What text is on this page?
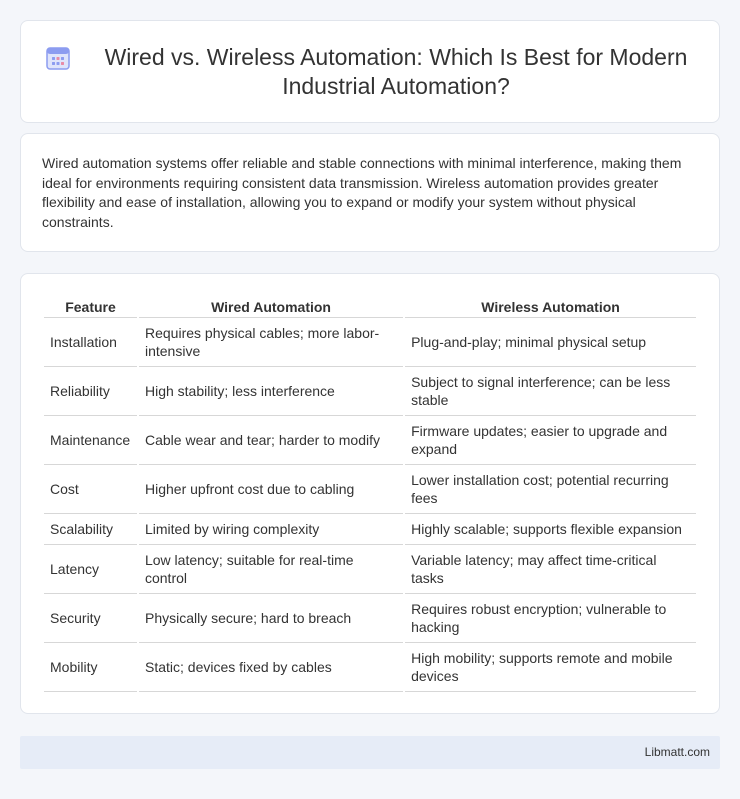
Wired vs. Wireless Automation: Which Is Best for Modern Industrial Automation?

Wired automation systems offer reliable and stable connections with minimal interference, making them ideal for environments requiring consistent data transmission. Wireless automation provides greater flexibility and ease of installation, allowing you to expand or modify your system without physical constraints.

Feature	Wired Automation	Wireless Automation
Installation	Requires physical cables; more labor-intensive	Plug-and-play; minimal physical setup
Reliability	High stability; less interference	Subject to signal interference; can be less stable
Maintenance	Cable wear and tear; harder to modify	Firmware updates; easier to upgrade and expand
Cost	Higher upfront cost due to cabling	Lower installation cost; potential recurring fees
Scalability	Limited by wiring complexity	Highly scalable; supports flexible expansion
Latency	Low latency; suitable for real-time control	Variable latency; may affect time-critical tasks
Security	Physically secure; hard to breach	Requires robust encryption; vulnerable to hacking
Mobility	Static; devices fixed by cables	High mobility; supports remote and mobile devices
Libmatt.com
